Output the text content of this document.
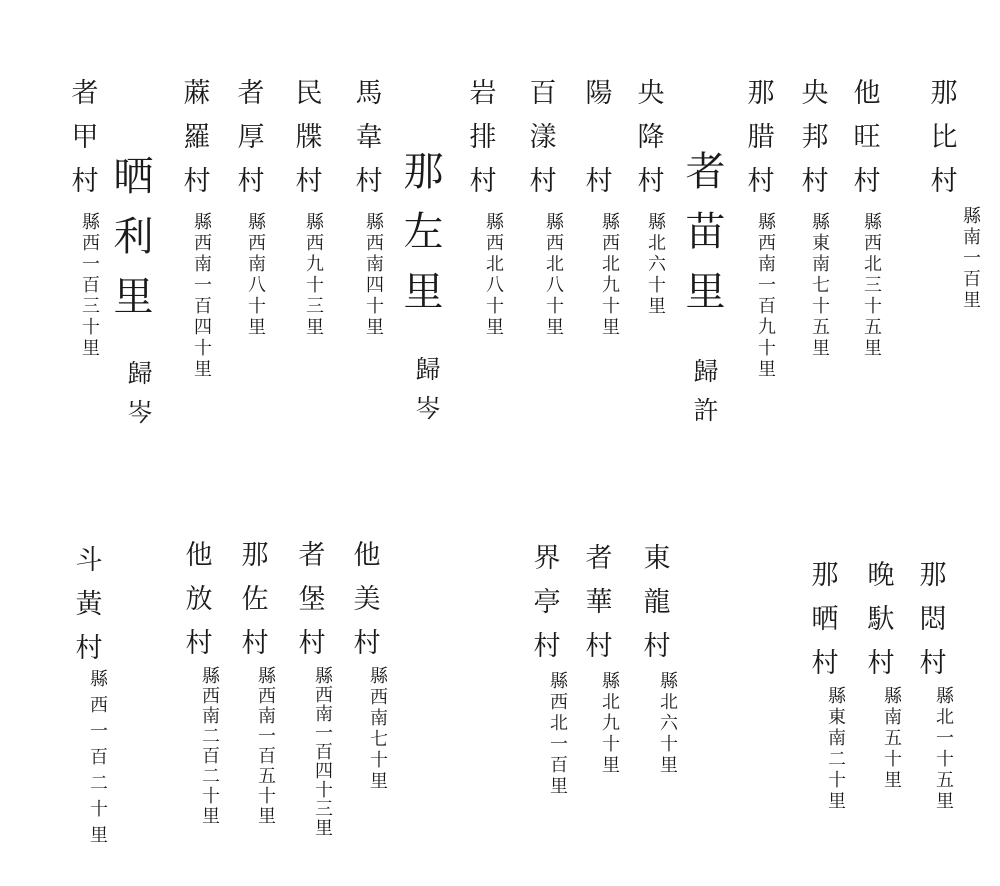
那比村
縣南一百里
他旺村
縣西北三十五里
央邦村
縣東南七十五里
那腊村
縣西南一百九十里
者苗里
歸許
央降村
縣北六十里
陽　村
縣西北九十里
百漾村
縣西北八十里
岩排村
縣西北八十里
那左里
歸岑
馬韋村
縣西南四十里
民牒村
縣西九十三里
者厚村
縣西南八十里
蔴羅村
縣西南一百四十里
晒利里
歸岑
者甲村
縣西一百三十里
那悶村
縣北一十五里
晚馱村
縣南五十里
那晒村
縣東南二十里
東龍村
縣北六十里
者華村
縣北九十里
界亭村
縣西北一百里
他美村
縣西南七十里
者堡村
縣西南一百四十三里
那佐村
縣西南一百五十里
他放村
縣西南二百二十里
斗黃村
縣西一百二十里
